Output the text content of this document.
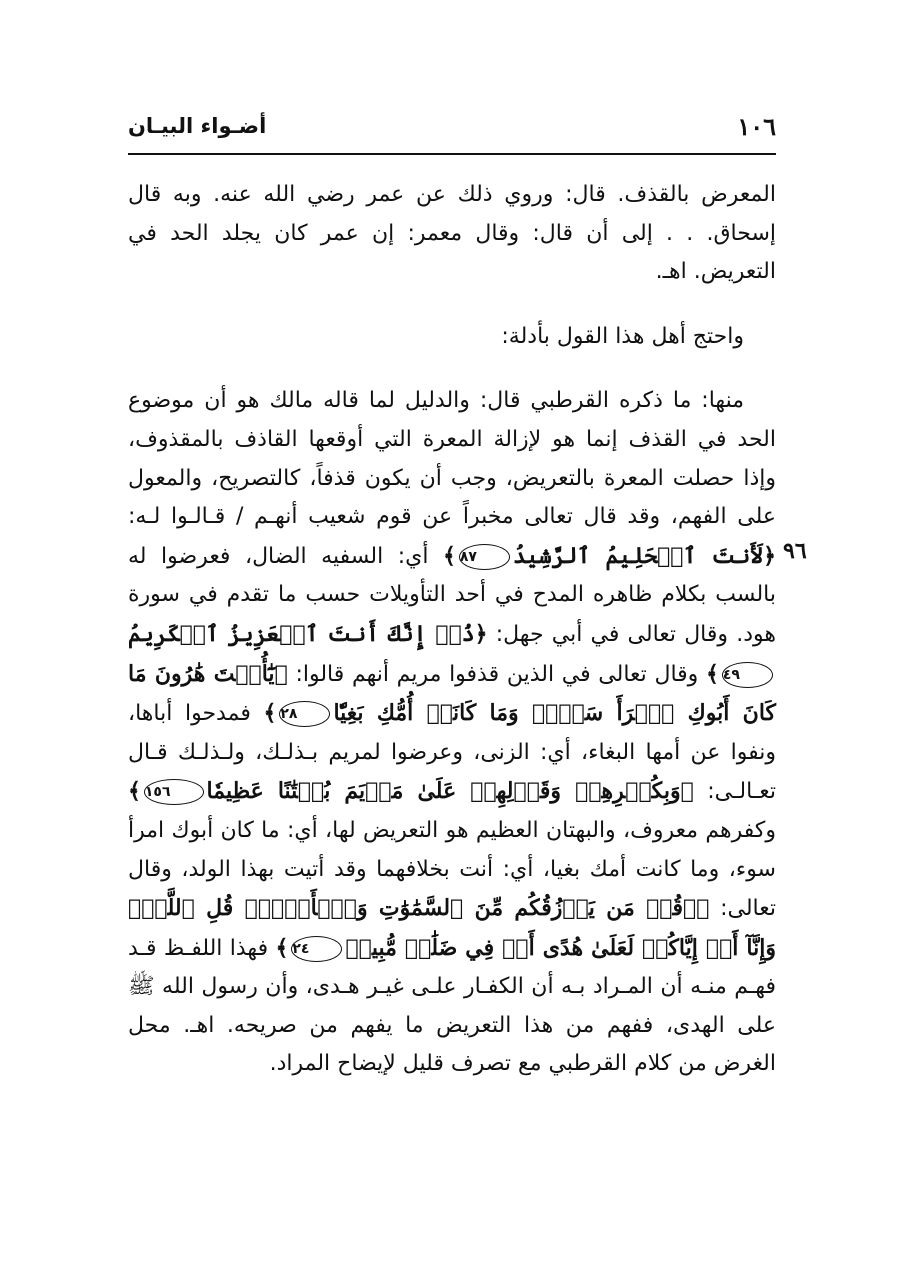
١٠٦
أضـواء البيـان
٩٦

المعرض بالقذف. قال: وروي ذلك عن عمر رضي الله عنه. وبه قال إسحاق. . . إلى أن قال: وقال معمر: إن عمر كان يجلد الحد في التعريض. اهـ.

واحتج أهل هذا القول بأدلة:

منها: ما ذكره القرطبي قال: والدليل لما قاله مالك هو أن موضوع الحد في القذف إنما هو لإزالة المعرة التي أوقعها القاذف بالمقذوف، وإذا حصلت المعرة بالتعريض، وجب أن يكون قذفاً، كالتصريح، والمعول على الفهم، وقد قال تعالى مخبراً عن قوم شعيب أنهـم / قـالـوا لـه: ﴿لَأَنتَ ٱلۡحَلِيمُ ٱلرَّشِيدُ٨٧﴾ أي: السفيه الضال، فعرضوا له بالسب بكلام ظاهره المدح في أحد التأويلات حسب ما تقدم في سورة هود. وقال تعالى في أبي جهل: ﴿ذُقۡ إِنَّكَ أَنتَ ٱلۡعَزِيزُ ٱلۡكَرِيمُ٤٩﴾ وقال تعالى في الذين قذفوا مريم أنهم قالوا: ﴿يَٰٓأُخۡتَ هَٰرُونَ مَا كَانَ أَبُوكِ ٱمۡرَأَ سَوۡءٖ وَمَا كَانَتۡ أُمُّكِ بَغِيّٗا٢٨﴾ فمدحوا أباها، ونفوا عن أمها البغاء، أي: الزنى، وعرضوا لمريم بـذلـك، ولـذلـك قـال تعـالـى: ﴿وَبِكُفۡرِهِمۡ وَقَوۡلِهِمۡ عَلَىٰ مَرۡيَمَ بُهۡتَٰنًا عَظِيمٗا١٥٦﴾ وكفرهم معروف، والبهتان العظيم هو التعريض لها، أي: ما كان أبوك امرأ سوء، وما كانت أمك بغيا، أي: أنت بخلافهما وقد أتيت بهذا الولد، وقال تعالى: ﴿۞قُلۡ مَن يَرۡزُقُكُم مِّنَ ٱلسَّمَٰوَٰتِ وَٱلۡأَرۡضِۖ قُلِ ٱللَّهُۖ وَإِنَّآ أَوۡ إِيَّاكُمۡ لَعَلَىٰ هُدًى أَوۡ فِي ضَلَٰلٖ مُّبِينٖ٢٤﴾ فهذا اللفـظ قـد فهـم منـه أن المـراد بـه أن الكفـار علـى غيـر هـدى، وأن رسول الله ﷺ على الهدى، ففهم من هذا التعريض ما يفهم من صريحه. اهـ. محل الغرض من كلام القرطبي مع تصرف قليل لإيضاح المراد.
